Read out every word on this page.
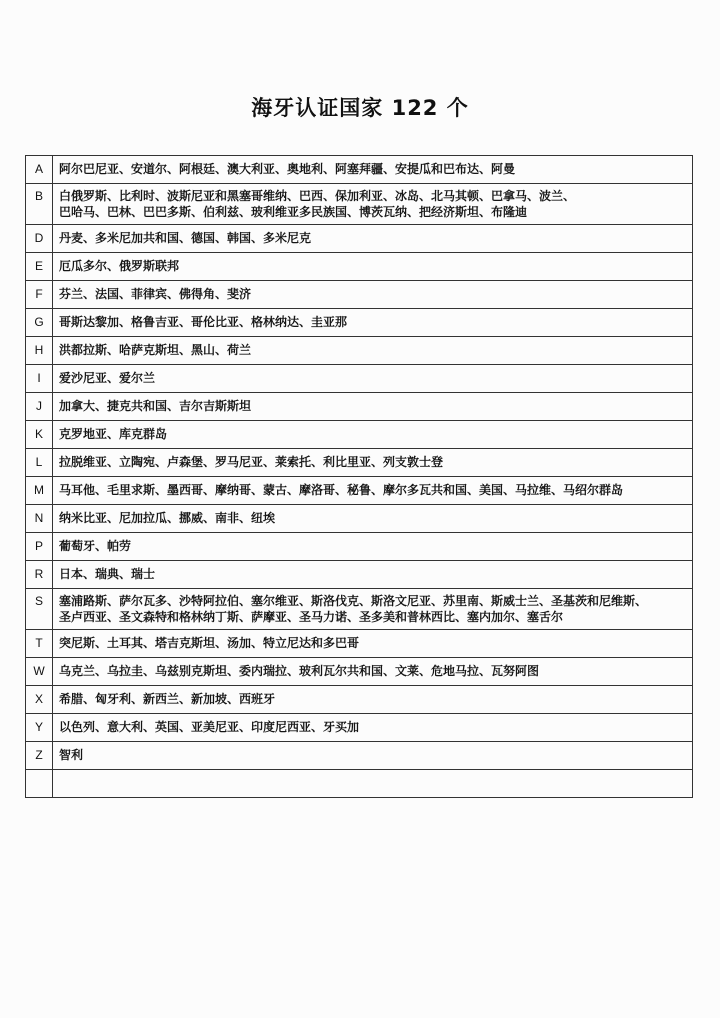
海牙认证国家 122 个
A	阿尔巴尼亚、安道尔、阿根廷、澳大利亚、奥地利、阿塞拜疆、安提瓜和巴布达、阿曼
B	白俄罗斯、比利时、波斯尼亚和黑塞哥维纳、巴西、保加利亚、冰岛、北马其顿、巴拿马、波兰、
巴哈马、巴林、巴巴多斯、伯利兹、玻利维亚多民族国、博茨瓦纳、把经济斯坦、布隆迪
D	丹麦、多米尼加共和国、德国、韩国、多米尼克
E	厄瓜多尔、俄罗斯联邦
F	芬兰、法国、菲律宾、佛得角、斐济
G	哥斯达黎加、格鲁吉亚、哥伦比亚、格林纳达、圭亚那
H	洪都拉斯、哈萨克斯坦、黑山、荷兰
I	爱沙尼亚、爱尔兰
J	加拿大、捷克共和国、吉尔吉斯斯坦
K	克罗地亚、库克群岛
L	拉脱维亚、立陶宛、卢森堡、罗马尼亚、莱索托、利比里亚、列支敦士登
M	马耳他、毛里求斯、墨西哥、摩纳哥、蒙古、摩洛哥、秘鲁、摩尔多瓦共和国、美国、马拉维、马绍尔群岛
N	纳米比亚、尼加拉瓜、挪威、南非、纽埃
P	葡萄牙、帕劳
R	日本、瑞典、瑞士
S	塞浦路斯、萨尔瓦多、沙特阿拉伯、塞尔维亚、斯洛伐克、斯洛文尼亚、苏里南、斯威士兰、圣基茨和尼维斯、
圣卢西亚、圣文森特和格林纳丁斯、萨摩亚、圣马力诺、圣多美和普林西比、塞内加尔、塞舌尔
T	突尼斯、土耳其、塔吉克斯坦、汤加、特立尼达和多巴哥
W	乌克兰、乌拉圭、乌兹别克斯坦、委内瑞拉、玻利瓦尔共和国、文莱、危地马拉、瓦努阿图
X	希腊、匈牙利、新西兰、新加坡、西班牙
Y	以色列、意大利、英国、亚美尼亚、印度尼西亚、牙买加
Z	智利
